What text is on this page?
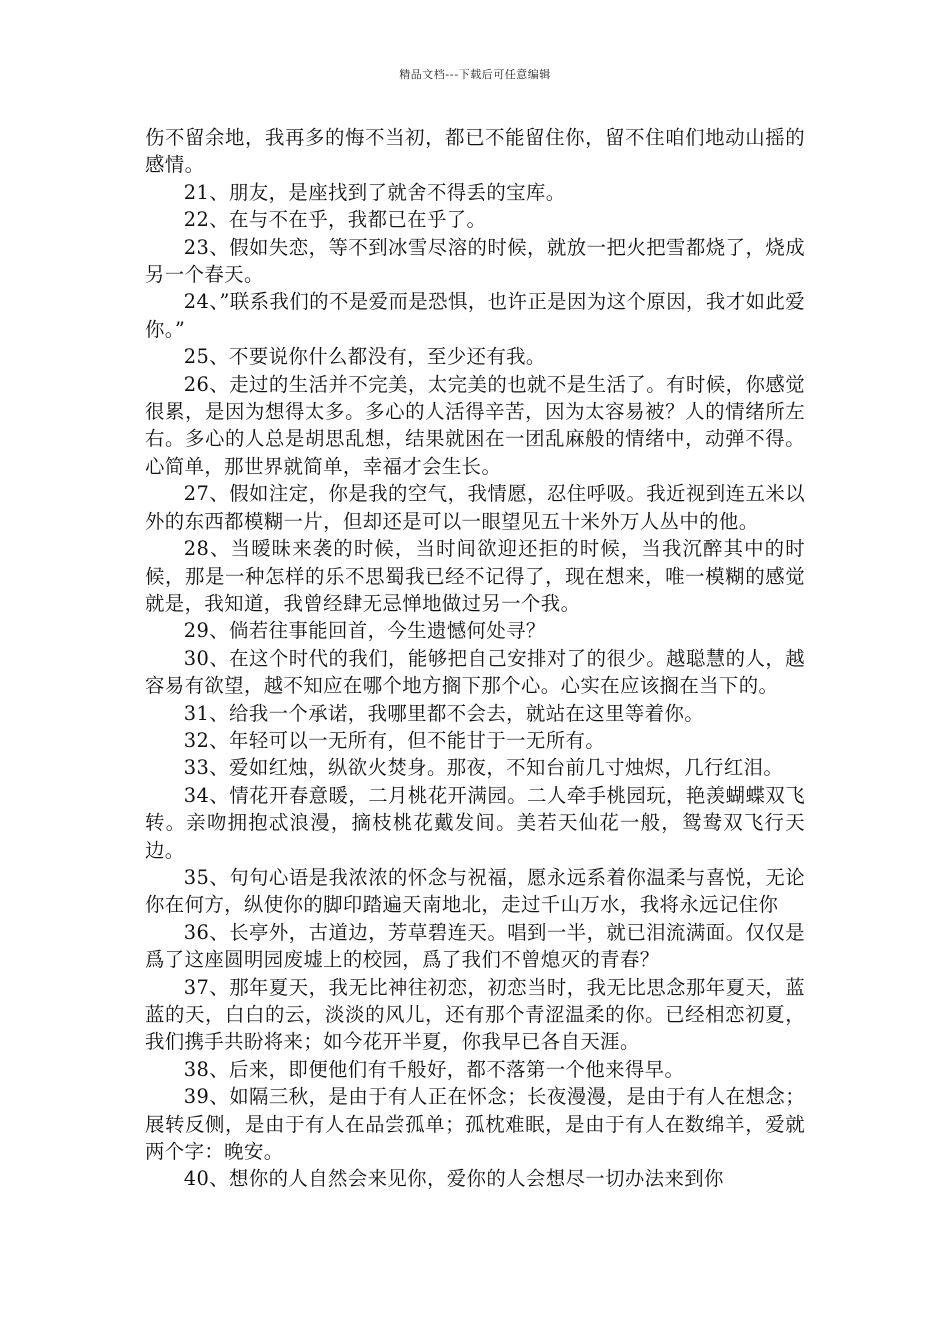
精品文档---下载后可任意编辑

伤不留余地，我再多的悔不当初，都已不能留住你，留不住咱们地动山摇的感情。

21、朋友，是座找到了就舍不得丢的宝库。

22、在与不在乎，我都已在乎了。

23、假如失恋，等不到冰雪尽溶的时候，就放一把火把雪都烧了，烧成另一个春天。

24、”联系我们的不是爱而是恐惧，也许正是因为这个原因，我才如此爱你。”

25、不要说你什么都没有，至少还有我。

26、走过的生活并不完美，太完美的也就不是生活了。有时候，你感觉很累，是因为想得太多。多心的人活得辛苦，因为太容易被？人的情绪所左右。多心的人总是胡思乱想，结果就困在一团乱麻般的情绪中，动弹不得。心简单，那世界就简单，幸福才会生长。

27、假如注定，你是我的空气，我情愿，忍住呼吸。我近视到连五米以外的东西都模糊一片，但却还是可以一眼望见五十米外万人丛中的他。

28、当暧昧来袭的时候，当时间欲迎还拒的时候，当我沉醉其中的时候，那是一种怎样的乐不思蜀我已经不记得了，现在想来，唯一模糊的感觉就是，我知道，我曾经肆无忌惮地做过另一个我。

29、倘若往事能回首，今生遗憾何处寻？

30、在这个时代的我们，能够把自己安排对了的很少。越聪慧的人，越容易有欲望，越不知应在哪个地方搁下那个心。心实在应该搁在当下的。

31、给我一个承诺，我哪里都不会去，就站在这里等着你。

32、年轻可以一无所有，但不能甘于一无所有。

33、爱如红烛，纵欲火焚身。那夜，不知台前几寸烛烬，几行红泪。

34、情花开春意暖，二月桃花开满园。二人牵手桃园玩，艳羡蝴蝶双飞转。亲吻拥抱忒浪漫，摘枝桃花戴发间。美若天仙花一般，鸳鸯双飞行天边。

35、句句心语是我浓浓的怀念与祝福，愿永远系着你温柔与喜悦，无论你在何方，纵使你的脚印踏遍天南地北，走过千山万水，我将永远记住你

36、长亭外，古道边，芳草碧连天。唱到一半，就已泪流满面。仅仅是爲了这座圆明园废墟上的校园，爲了我们不曾熄灭的青春？

37、那年夏天，我无比神往初恋，初恋当时，我无比思念那年夏天，蓝蓝的天，白白的云，淡淡的风儿，还有那个青涩温柔的你。已经相恋初夏，我们携手共盼将来；如今花开半夏，你我早已各自天涯。

38、后来，即便他们有千般好，都不落第一个他来得早。

39、如隔三秋，是由于有人正在怀念；长夜漫漫，是由于有人在想念；展转反侧，是由于有人在品尝孤单；孤枕难眠，是由于有人在数绵羊，爱就两个字：晚安。

40、想你的人自然会来见你，爱你的人会想尽一切办法来到你
